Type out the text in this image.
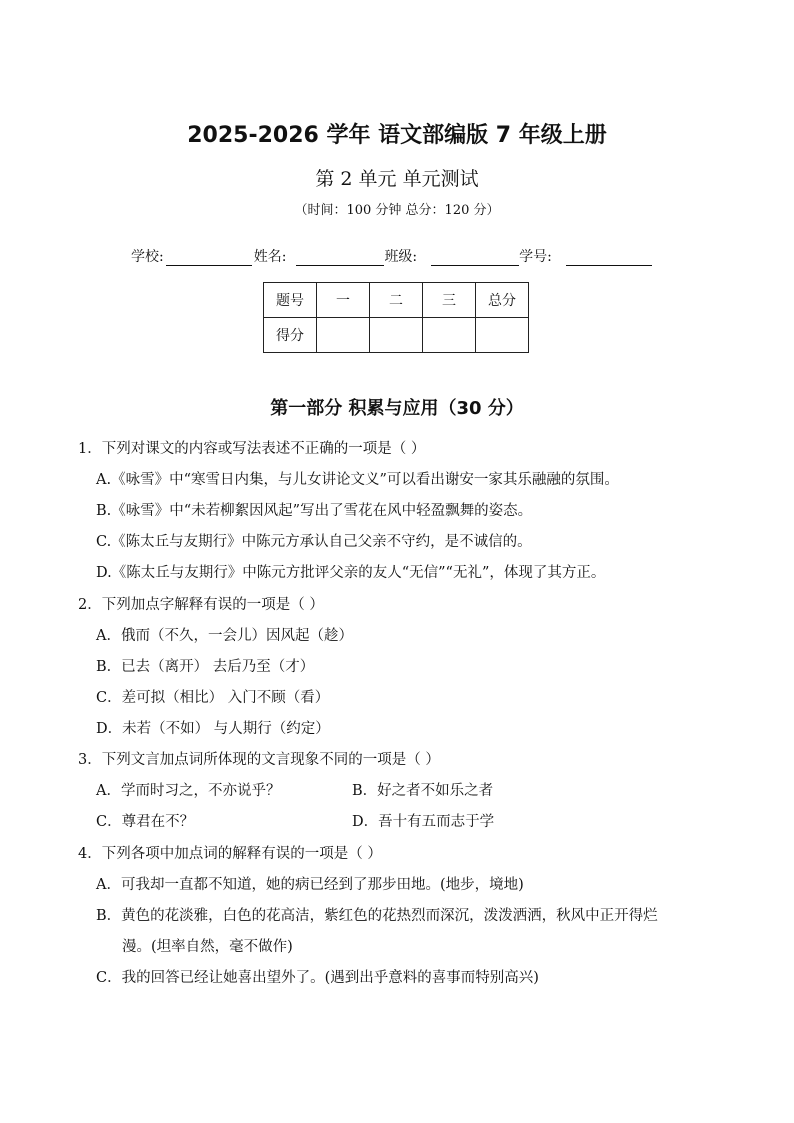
2025-2026 学年 语文部编版 7 年级上册
第 2 单元 单元测试
（时间：100 分钟 总分：120 分）
学校:	姓名:	班级:	学号:
题号	一	二	三	总分
得分				
第一部分 积累与应用（30 分）
1．下列对课文的内容或写法表述不正确的一项是（ ）
A.《咏雪》中“寒雪日内集，与儿女讲论文义”可以看出谢安一家其乐融融的氛围。
B.《咏雪》中“未若柳絮因风起”写出了雪花在风中轻盈飘舞的姿态。
C.《陈太丘与友期行》中陈元方承认自己父亲不守约，是不诚信的。
D.《陈太丘与友期行》中陈元方批评父亲的友人“无信”“无礼”，体现了其方正。
2．下列加点字解释有误的一项是（ ）
A．俄而（不久，一会儿）因风起（趁）
B．已去（离开） 去后乃至（才）
C．差可拟（相比） 入门不顾（看）
D．未若（不如） 与人期行（约定）
3．下列文言加点词所体现的文言现象不同的一项是（ ）
A．学而时习之，不亦说乎？	B．好之者不如乐之者
C．尊君在不？	D．吾十有五而志于学
4．下列各项中加点词的解释有误的一项是（ ）
A．可我却一直都不知道，她的病已经到了那步田地。(地步，境地)
B．黄色的花淡雅，白色的花高洁，紫红色的花热烈而深沉，泼泼洒洒，秋风中正开得烂
漫。(坦率自然，毫不做作)
C．我的回答已经让她喜出望外了。(遇到出乎意料的喜事而特别高兴)
